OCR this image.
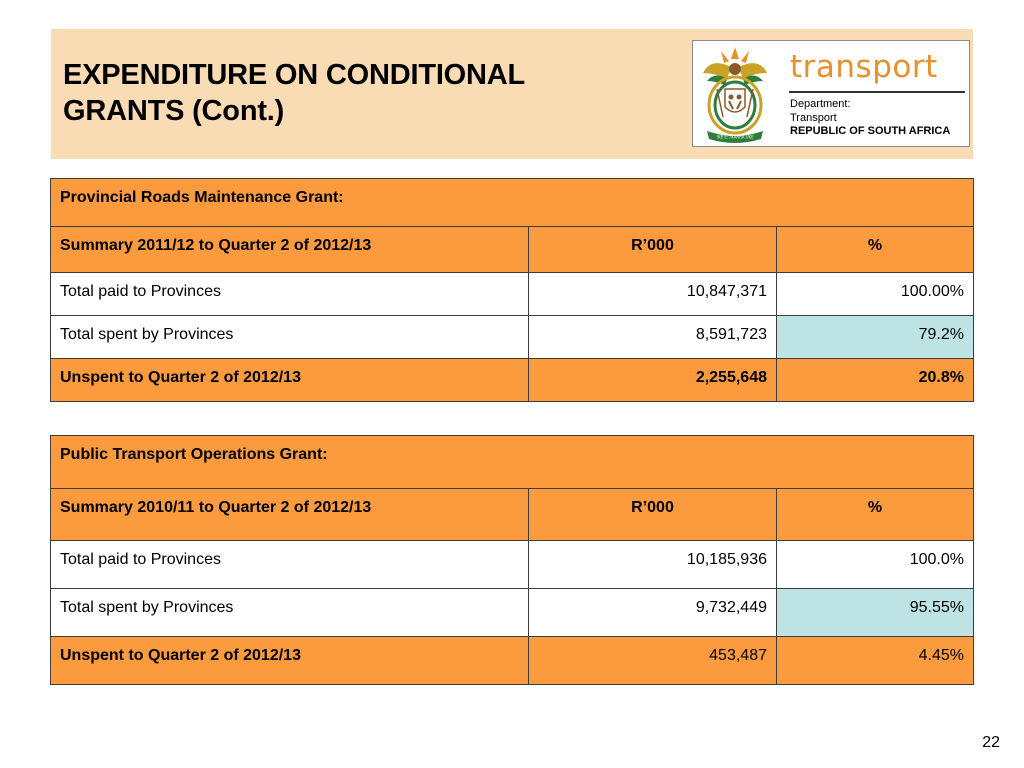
EXPENDITURE ON CONDITIONAL
GRANTS (Cont.)
!KE E: /XARRA //KE
transport
Department:
Transport
REPUBLIC OF SOUTH AFRICA
Provincial Roads Maintenance Grant:		
Summary 2011/12 to Quarter 2 of 2012/13	R’000	%
Total paid to Provinces	10,847,371	100.00%
Total spent by Provinces	8,591,723	79.2%
Unspent to Quarter 2 of 2012/13	2,255,648	20.8%
Public Transport Operations Grant:		
Summary 2010/11 to Quarter 2 of 2012/13	R’000	%
Total paid to Provinces	10,185,936	100.0%
Total spent by Provinces	9,732,449	95.55%
Unspent to Quarter 2 of 2012/13	453,487	4.45%
22
